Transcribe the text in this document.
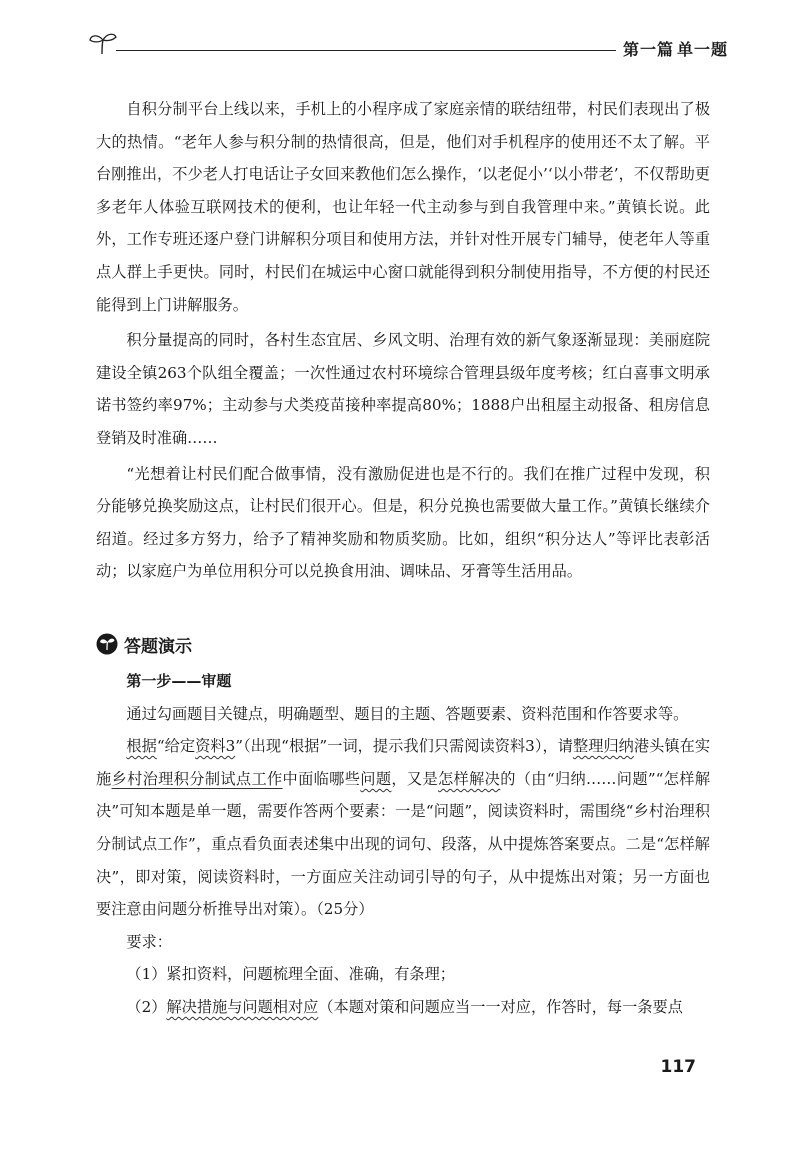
第一篇 单一题

自积分制平台上线以来，手机上的小程序成了家庭亲情的联结纽带，村民们表现出了极大的热情。“老年人参与积分制的热情很高，但是，他们对手机程序的使用还不太了解。平台刚推出，不少老人打电话让子女回来教他们怎么操作，‘以老促小’‘以小带老’，不仅帮助更多老年人体验互联网技术的便利，也让年轻一代主动参与到自我管理中来。”黄镇长说。此外，工作专班还逐户登门讲解积分项目和使用方法，并针对性开展专门辅导，使老年人等重点人群上手更快。同时，村民们在城运中心窗口就能得到积分制使用指导，不方便的村民还能得到上门讲解服务。

积分量提高的同时，各村生态宜居、乡风文明、治理有效的新气象逐渐显现：美丽庭院建设全镇263个队组全覆盖；一次性通过农村环境综合管理县级年度考核；红白喜事文明承诺书签约率97%；主动参与犬类疫苗接种率提高80%；1888户出租屋主动报备、租房信息登销及时准确……

“光想着让村民们配合做事情，没有激励促进也是不行的。我们在推广过程中发现，积分能够兑换奖励这点，让村民们很开心。但是，积分兑换也需要做大量工作。”黄镇长继续介绍道。经过多方努力，给予了精神奖励和物质奖励。比如，组织“积分达人”等评比表彰活动；以家庭户为单位用积分可以兑换食用油、调味品、牙膏等生活用品。

答题演示

第一步——审题

通过勾画题目关键点，明确题型、题目的主题、答题要素、资料范围和作答要求等。

根据“给定资料3”（出现“根据”一词，提示我们只需阅读资料3），请整理归纳港头镇在实施乡村治理积分制试点工作中面临哪些问题，又是怎样解决的（由“归纳……问题”“怎样解决”可知本题是单一题，需要作答两个要素：一是“问题”，阅读资料时，需围绕“乡村治理积分制试点工作”，重点看负面表述集中出现的词句、段落，从中提炼答案要点。二是“怎样解决”，即对策，阅读资料时，一方面应关注动词引导的句子，从中提炼出对策；另一方面也要注意由问题分析推导出对策）。（25分）

要求：

（1）紧扣资料，问题梳理全面、准确，有条理；

（2）解决措施与问题相对应（本题对策和问题应当一一对应，作答时，每一条要点

117
